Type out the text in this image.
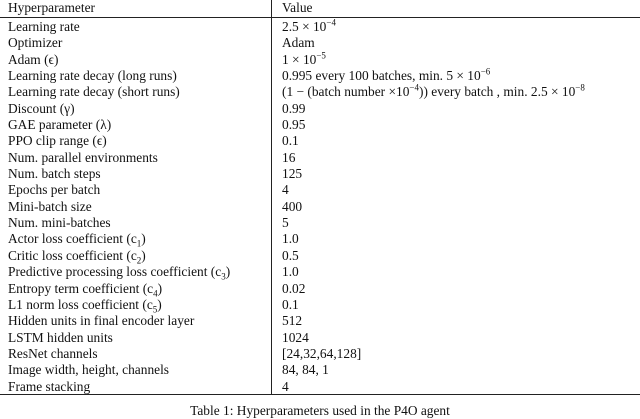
Hyperparameter	Value
Learning rate	$2.5 \times 10^{-4}$
Optimizer	Adam
Adam (ϵ)	$1 \times 10^{-5}$
Learning rate decay (long runs)	0.995 every 100 batches, min. $5 \times 10^{-6}$
Learning rate decay (short runs)	(1 − (batch number $\times 10^{-4}$)) every batch , min. $2.5 \times 10^{-8}$
Discount (γ)	0.99
GAE parameter (λ)	0.95
PPO clip range (ϵ)	0.1
Num. parallel environments	16
Num. batch steps	125
Epochs per batch	4
Mini-batch size	400
Num. mini-batches	5
Actor loss coefficient $(c_1)$	1.0
Critic loss coefficient $(c_2)$	0.5
Predictive processing loss coefficient $(c_3)$	1.0
Entropy term coefficient $(c_4)$	0.02
L1 norm loss coefficient $(c_5)$	0.1
Hidden units in final encoder layer	512
LSTM hidden units	1024
ResNet channels	[24,32,64,128]
Image width, height, channels	84, 84, 1
Frame stacking	4
Table 1: Hyperparameters used in the P4O agent
